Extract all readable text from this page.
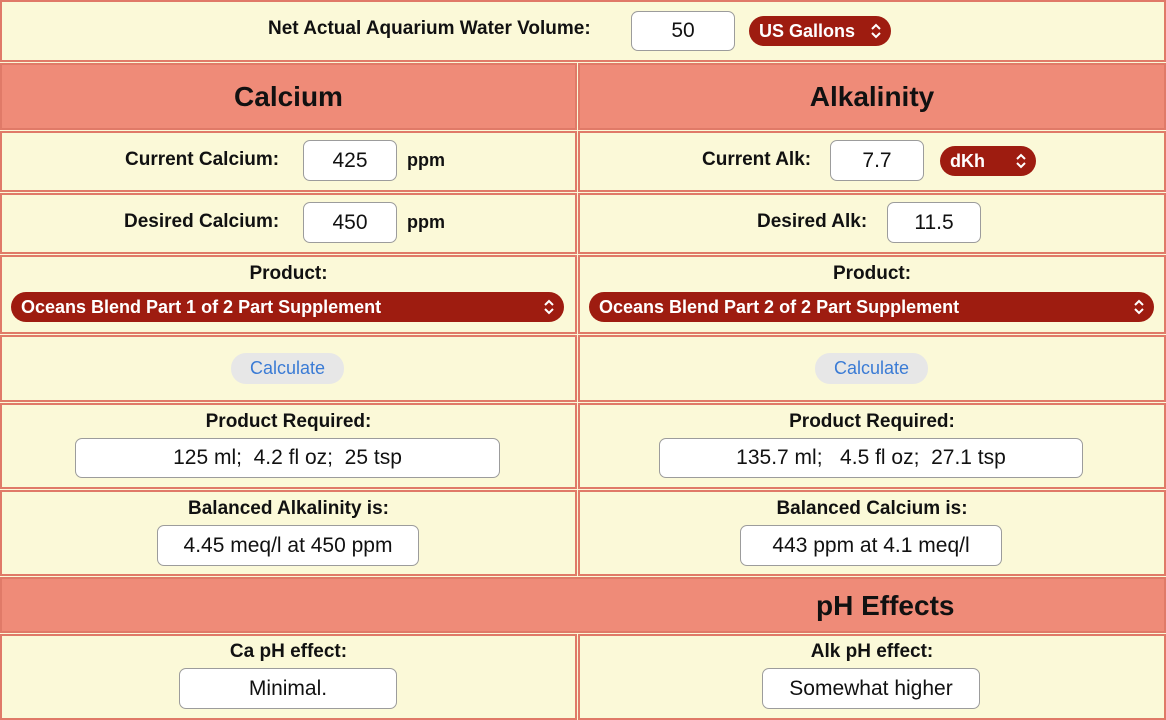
Net Actual Aquarium Water Volume:	50	US Gallons
Calcium	Alkalinity
Current Calcium:	425	ppm	Current Alk:	7.7	dKh
Desired Calcium:	450	ppm	Desired Alk:	11.5
Product:
Oceans Blend Part 1 of 2 Part Supplement
Product:
Oceans Blend Part 2 of 2 Part Supplement
Calculate	Calculate
Product Required:
125 ml;  4.2 fl oz;  25 tsp
Product Required:
135.7 ml;   4.5 fl oz;  27.1 tsp
Balanced Alkalinity is:
4.45 meq/l at 450 ppm
Balanced Calcium is:
443 ppm at 4.1 meq/l
pH Effects
Ca pH effect:
Minimal.
Alk pH effect:
Somewhat higher
